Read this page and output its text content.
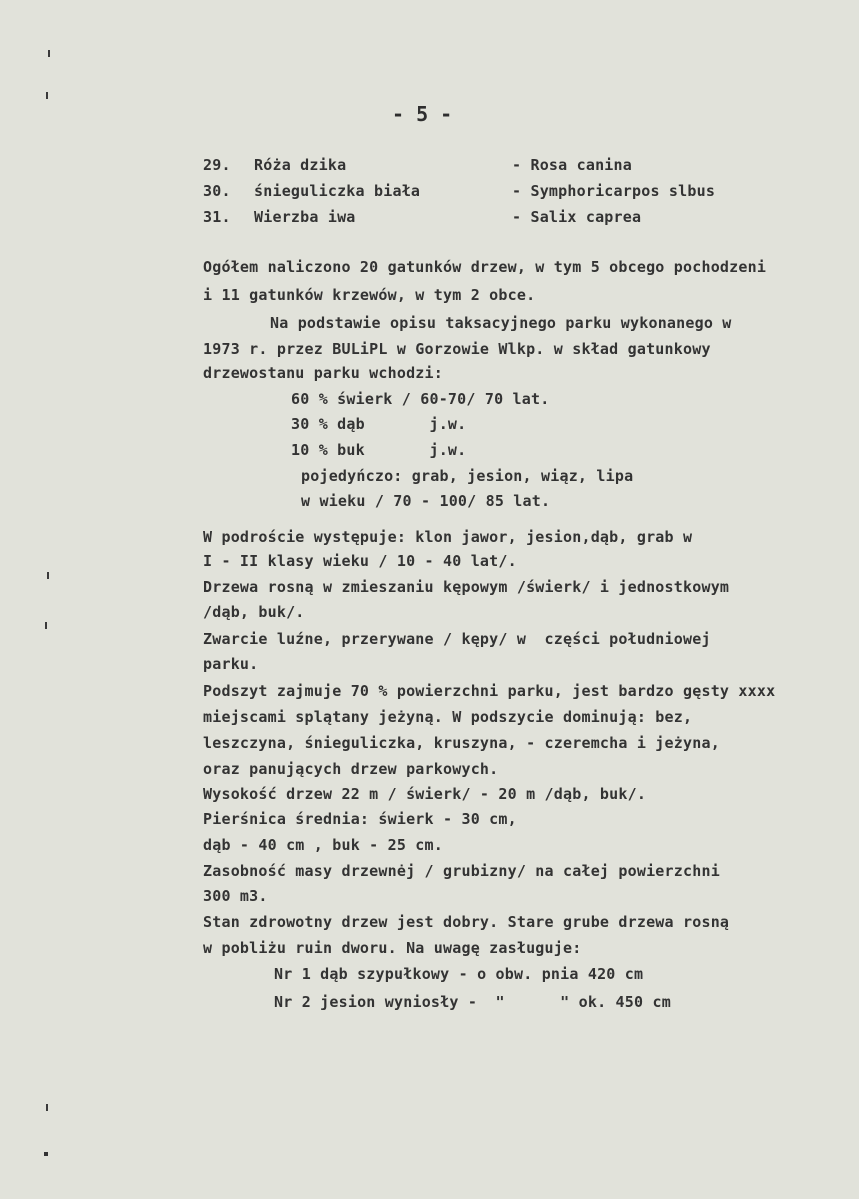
- 5 -
29. Róża dzika	- Rosa canina
30. śnieguliczka biała	- Symphoricarpos slbus
31. Wierzba iwa	- Salix caprea
Ogółem naliczono 20 gatunków drzew, w tym 5 obcego pochodzeni
i 11 gatunków krzewów, w tym 2 obce.
Na podstawie opisu taksacyjnego parku wykonanego w
1973 r. przez BULiPL w Gorzowie Wlkp. w skład gatunkowy
drzewostanu parku wchodzi:
60 % świerk / 60-70/ 70 lat.
30 % dąb       j.w.
10 % buk       j.w.
pojedyńczo: grab, jesion, wiąz, lipa
w wieku / 70 - 100/ 85 lat.
W podroście występuje: klon jawor, jesion,dąb, grab w
I - II klasy wieku / 10 - 40 lat/.
Drzewa rosną w zmieszaniu kępowym /świerk/ i jednostkowym
/dąb, buk/.
Zwarcie luźne, przerywane / kępy/ w  części południowej
parku.
Podszyt zajmuje 70 % powierzchni parku, jest bardzo gęsty xxxx
miejscami splątany jeżyną. W podszycie dominują: bez,
leszczyna, śnieguliczka, kruszyna, - czeremcha i jeżyna,
oraz panujących drzew parkowych.
Wysokość drzew 22 m / świerk/ - 20 m /dąb, buk/.
Pierśnica średnia: świerk - 30 cm,
dąb - 40 cm , buk - 25 cm.
Zasobność masy drzewnėj / grubizny/ na całej powierzchni
300 m3.
Stan zdrowotny drzew jest dobry. Stare grube drzewa rosną
w pobliżu ruin dworu. Na uwagę zasługuje:
Nr 1 dąb szypułkowy - o obw. pnia 420 cm
Nr 2 jesion wyniosły -  "      " ok. 450 cm
